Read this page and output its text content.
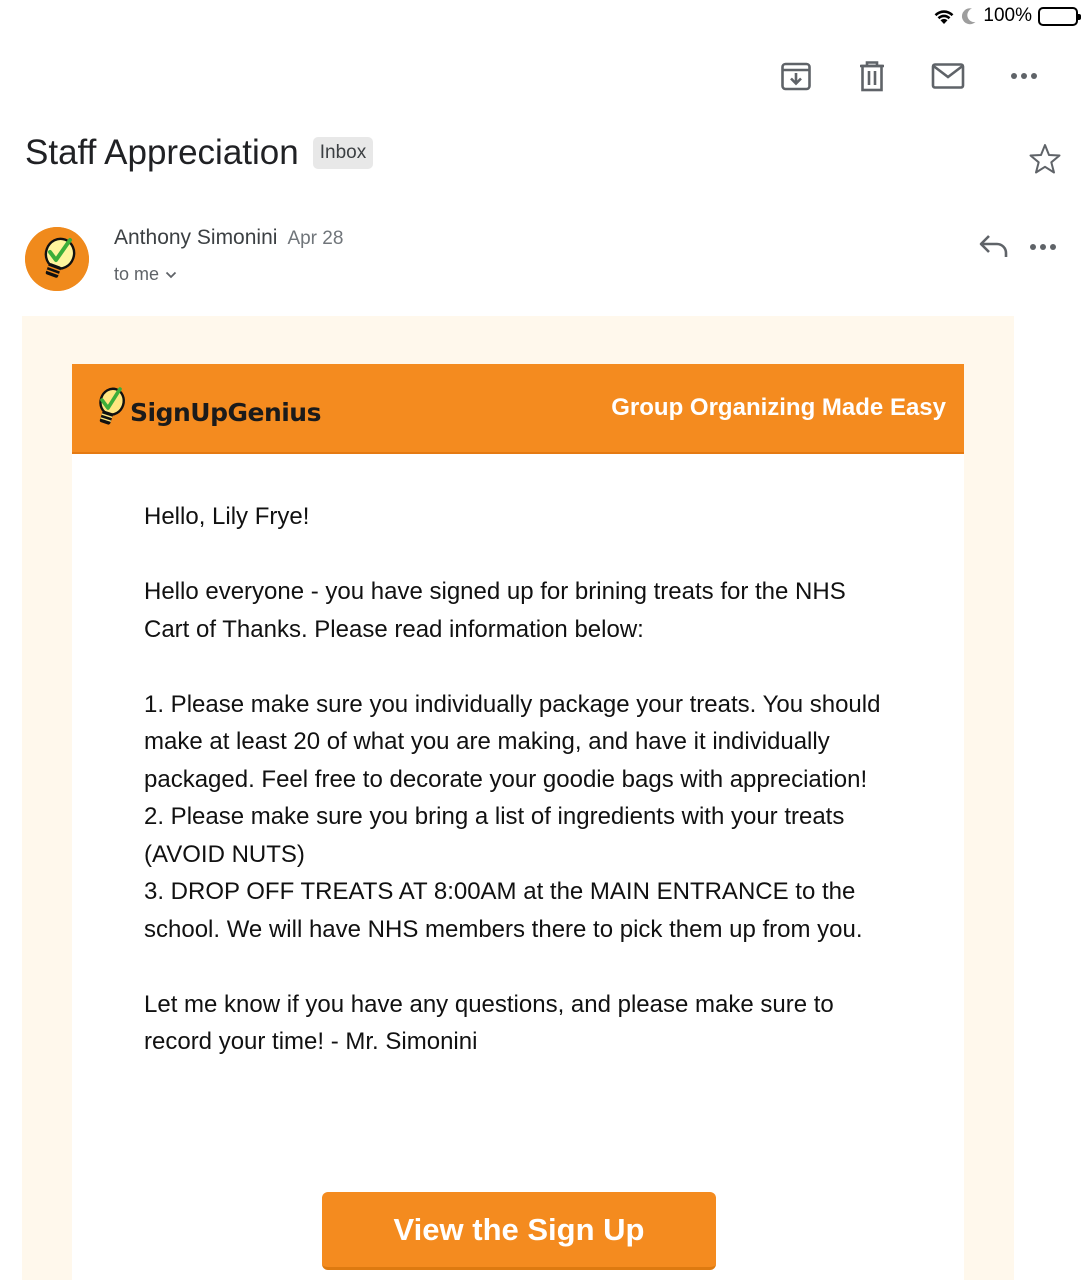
100%
Staff Appreciation	Inbox
Anthony Simonini Apr 28
to me
SignUpGenius	Group Organizing Made Easy

Hello, Lily Frye!

Hello everyone - you have signed up for brining treats for the NHS Cart of Thanks. Please read information below:

1. Please make sure you individually package your treats. You should make at least 20 of what you are making, and have it individually packaged. Feel free to decorate your goodie bags with appreciation!

2. Please make sure you bring a list of ingredients with your treats (AVOID NUTS)

3. DROP OFF TREATS AT 8:00AM at the MAIN ENTRANCE to the school. We will have NHS members there to pick them up from you.

Let me know if you have any questions, and please make sure to record your time! - Mr. Simonini

View the Sign Up
